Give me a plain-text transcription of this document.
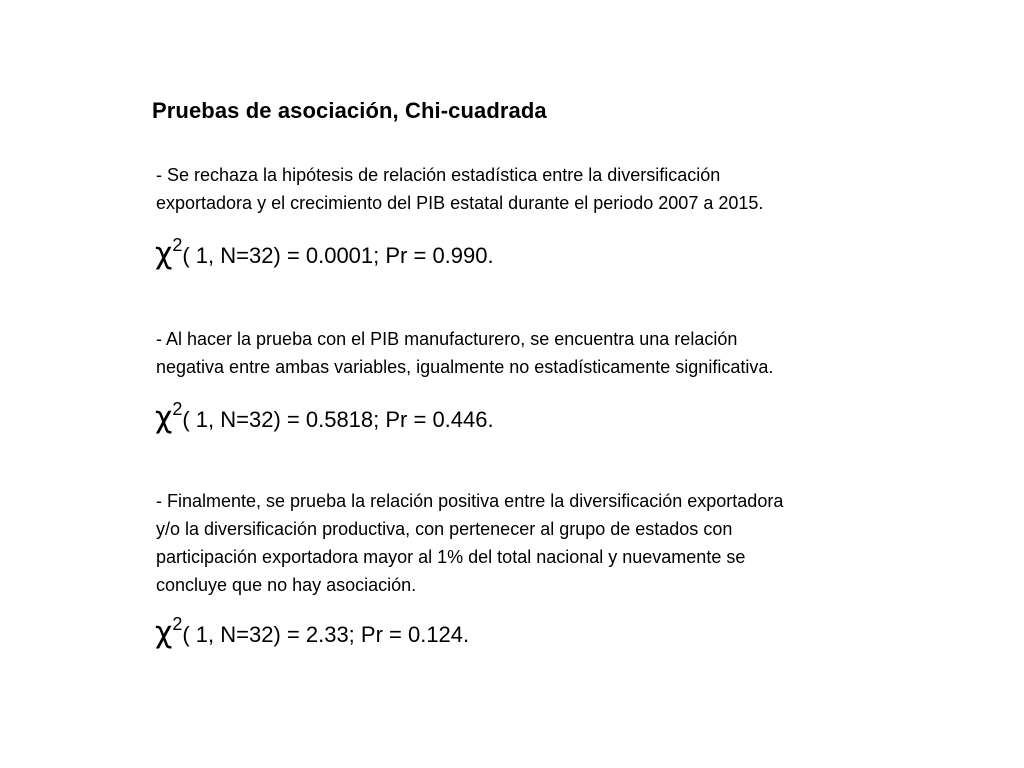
Pruebas de asociación, Chi-cuadrada
- Se rechaza la hipótesis de relación estadística entre la diversificación
exportadora y el crecimiento del PIB estatal durante el periodo 2007 a 2015.
$\chi^2$( 1, N=32) = 0.0001; Pr = 0.990.
- Al hacer la prueba con el PIB manufacturero, se encuentra una relación
negativa entre ambas variables, igualmente no estadísticamente significativa.
$\chi^2$( 1, N=32) = 0.5818; Pr = 0.446.
- Finalmente, se prueba la relación positiva entre la diversificación exportadora
y/o la diversificación productiva, con pertenecer al grupo de estados con
participación exportadora mayor al 1% del total nacional y nuevamente se
concluye que no hay asociación.
$\chi^2$( 1, N=32) = 2.33; Pr = 0.124.
